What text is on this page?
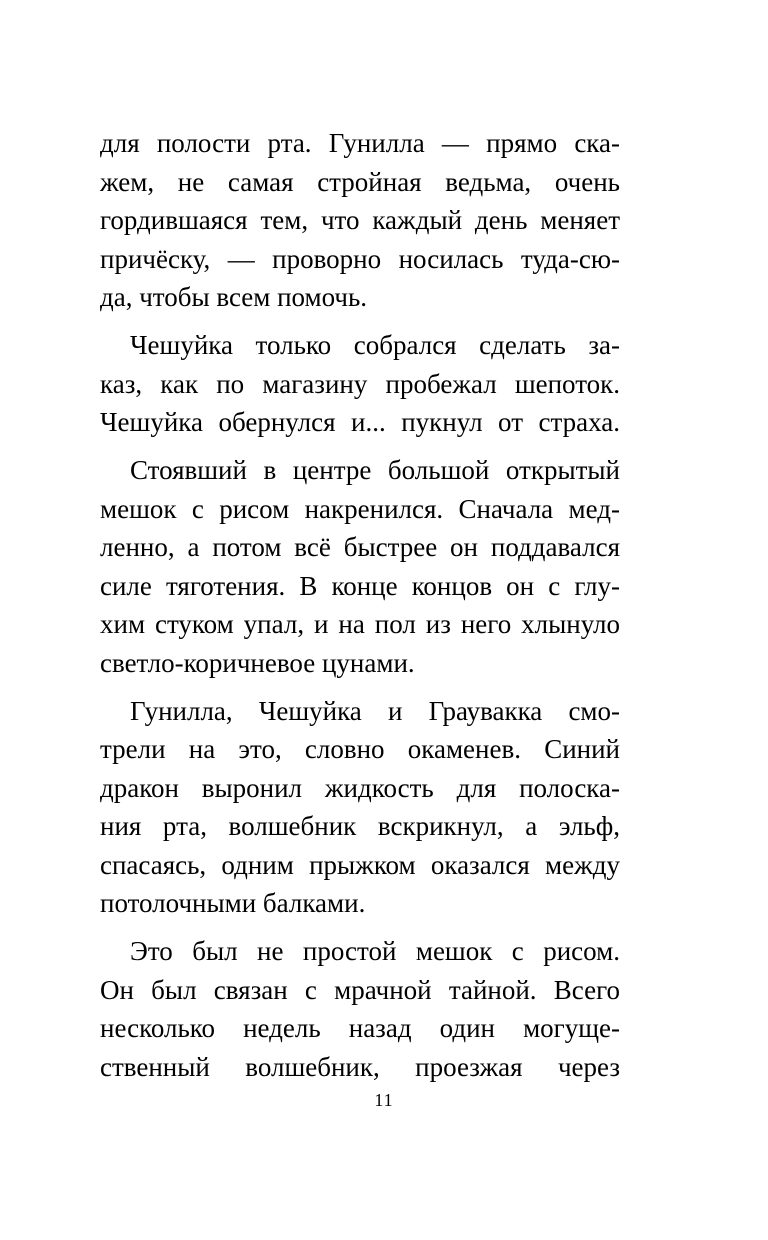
для полости рта. Гунилла — прямо ска-
жем, не самая стройная ведьма, очень
гордившаяся тем, что каждый день меняет
причёску, — проворно носилась туда-сю-
да, чтобы всем помочь.

Чешуйка только собрался сделать за-
каз, как по магазину пробежал шепоток.
Чешуйка обернулся и... пукнул от страха.

Стоявший в центре большой открытый
мешок с рисом накренился. Сначала мед-
ленно, а потом всё быстрее он поддавался
силе тяготения. В конце концов он с глу-
хим стуком упал, и на пол из него хлынуло
светло-коричневое цунами.

Гунилла, Чешуйка и Граувакка смо-
трели на это, словно окаменев. Синий
дракон выронил жидкость для полоска-
ния рта, волшебник вскрикнул, а эльф,
спасаясь, одним прыжком оказался между
потолочными балками.

Это был не простой мешок с рисом.
Он был связан с мрачной тайной. Всего
несколько недель назад один могуще-
ственный волшебник, проезжая через

11
